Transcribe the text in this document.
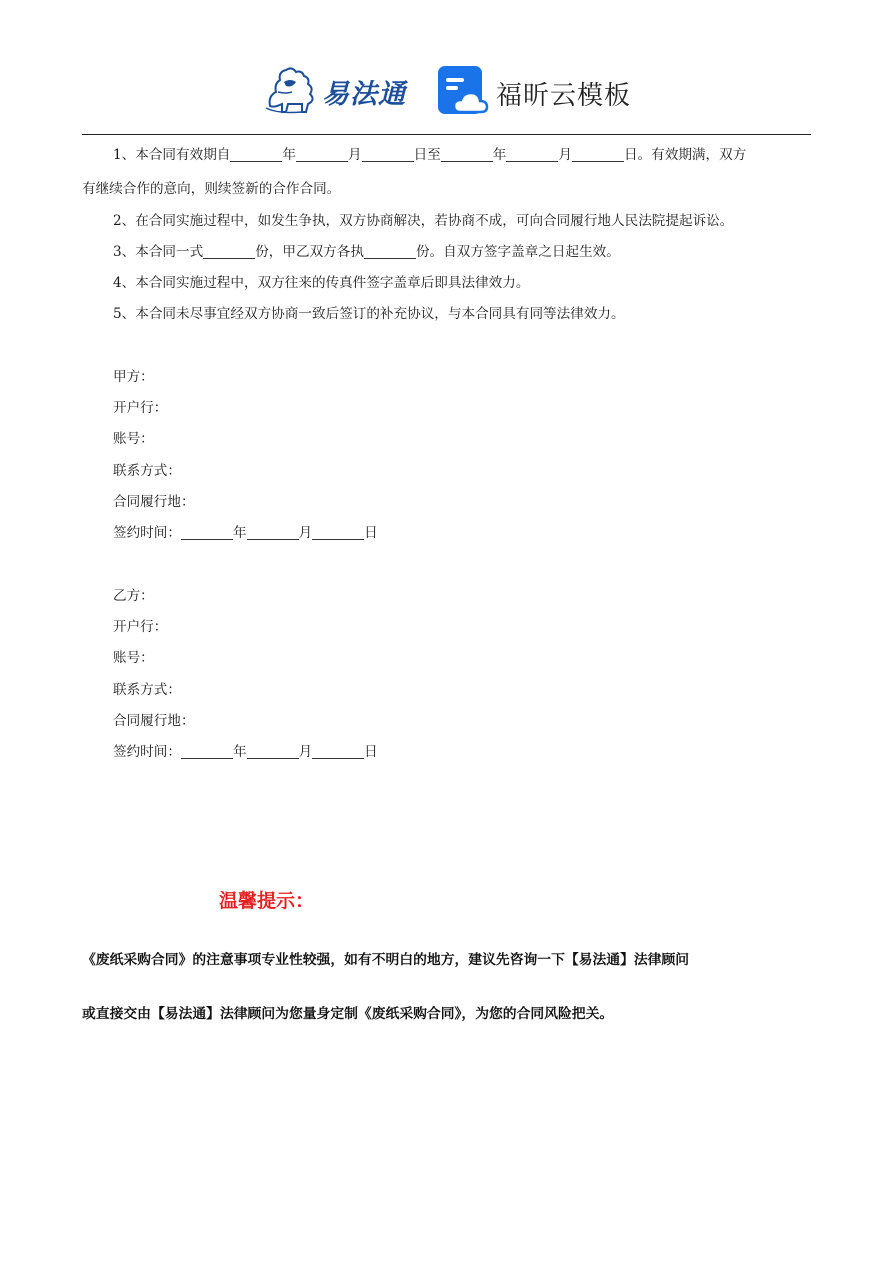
易法通	福昕云模板
1、本合同有效期自	年	月	日至	年	月	日。有效期满，双方
有继续合作的意向，则续签新的合作合同。
2、在合同实施过程中，如发生争执，双方协商解决，若协商不成，可向合同履行地人民法院提起诉讼。
3、本合同一式	份，甲乙双方各执	份。自双方签字盖章之日起生效。
4、本合同实施过程中，双方往来的传真件签字盖章后即具法律效力。
5、本合同未尽事宜经双方协商一致后签订的补充协议，与本合同具有同等法律效力。
甲方：
开户行：
账号：
联系方式：
合同履行地：
签约时间：	年	月	日
乙方：
开户行：
账号：
联系方式：
合同履行地：
签约时间：	年	月	日
温馨提示：
《废纸采购合同》的注意事项专业性较强，如有不明白的地方，建议先咨询一下【易法通】法律顾问
或直接交由【易法通】法律顾问为您量身定制《废纸采购合同》，为您的合同风险把关。
